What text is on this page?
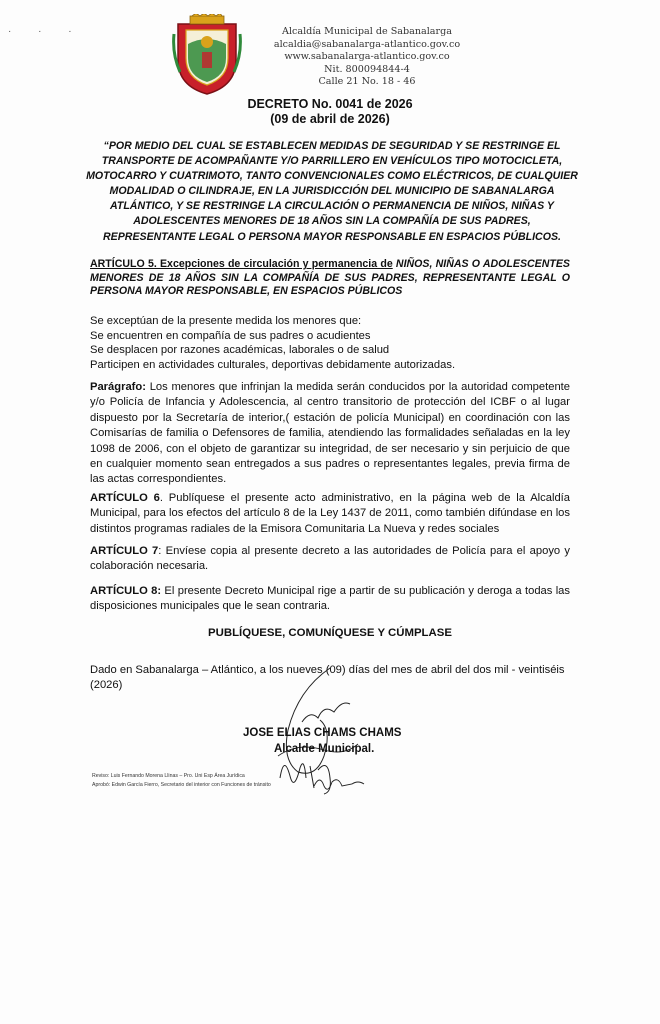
· · ·	Alcaldía Municipal de Sabanalarga
alcaldia@sabanalarga-atlantico.gov.co
www.sabanalarga-atlantico.gov.co
Nit. 800094844-4
Calle 21 No. 18 - 46
DECRETO No. 0041 de 2026
(09 de abril de 2026)
“POR MEDIO DEL CUAL SE ESTABLECEN MEDIDAS DE SEGURIDAD Y SE RESTRINGE EL TRANSPORTE DE ACOMPAÑANTE Y/O PARRILLERO EN VEHÍCULOS TIPO MOTOCICLETA, MOTOCARRO Y CUATRIMOTO, TANTO CONVENCIONALES COMO ELÉCTRICOS, DE CUALQUIER MODALIDAD O CILINDRAJE, EN LA JURISDICCIÓN DEL MUNICIPIO DE SABANALARGA ATLÁNTICO, Y SE RESTRINGE LA CIRCULACIÓN O PERMANENCIA DE NIÑOS, NIÑAS Y ADOLESCENTES MENORES DE 18 AÑOS SIN LA COMPAÑÍA DE SUS PADRES, REPRESENTANTE LEGAL O PERSONA MAYOR RESPONSABLE EN ESPACIOS PÚBLICOS.
ARTÍCULO 5. Excepciones de circulación y permanencia de NIÑOS, NIÑAS O ADOLESCENTES MENORES DE 18 AÑOS SIN LA COMPAÑÍA DE SUS PADRES, REPRESENTANTE LEGAL O PERSONA MAYOR RESPONSABLE, EN ESPACIOS PÚBLICOS
Se exceptúan de la presente medida los menores que:
Se encuentren en compañía de sus padres o acudientes
Se desplacen por razones académicas, laborales o de salud
Participen en actividades culturales, deportivas debidamente autorizadas.
Parágrafo: Los menores que infrinjan la medida serán conducidos por la autoridad competente y/o Policía de Infancia y Adolescencia, al centro transitorio de protección del ICBF o al lugar dispuesto por la Secretaría de interior,( estación de policía Municipal) en coordinación con las Comisarías de familia o Defensores de familia, atendiendo las formalidades señaladas en la ley 1098 de 2006, con el objeto de garantizar su integridad, de ser necesario y sin perjuicio de que en cualquier momento sean entregados a sus padres o representantes legales, previa firma de las actas correspondientes.
ARTÍCULO 6. Publíquese el presente acto administrativo, en la página web de la Alcaldía Municipal, para los efectos del artículo 8 de la Ley 1437 de 2011, como también difúndase en los distintos programas radiales de la Emisora Comunitaria La Nueva y redes sociales
ARTÍCULO 7: Envíese copia al presente decreto a las autoridades de Policía para el apoyo y colaboración necesaria.
ARTÍCULO 8: El presente Decreto Municipal rige a partir de su publicación y deroga a todas las disposiciones municipales que le sean contraria.
PUBLÍQUESE, COMUNÍQUESE Y CÚMPLASE
Dado en Sabanalarga – Atlántico, a los nueves (09) días del mes de abril del dos mil - veintiséis (2026)
JOSE ELIAS CHAMS CHAMS
Alcalde Municipal.
Reviso: Luis Fernando Morena Llinas – Pro. Uni Esp Área Jurídica
Aprobó: Edwin García Fierro, Secretario del interior con Funciones de tránsito
